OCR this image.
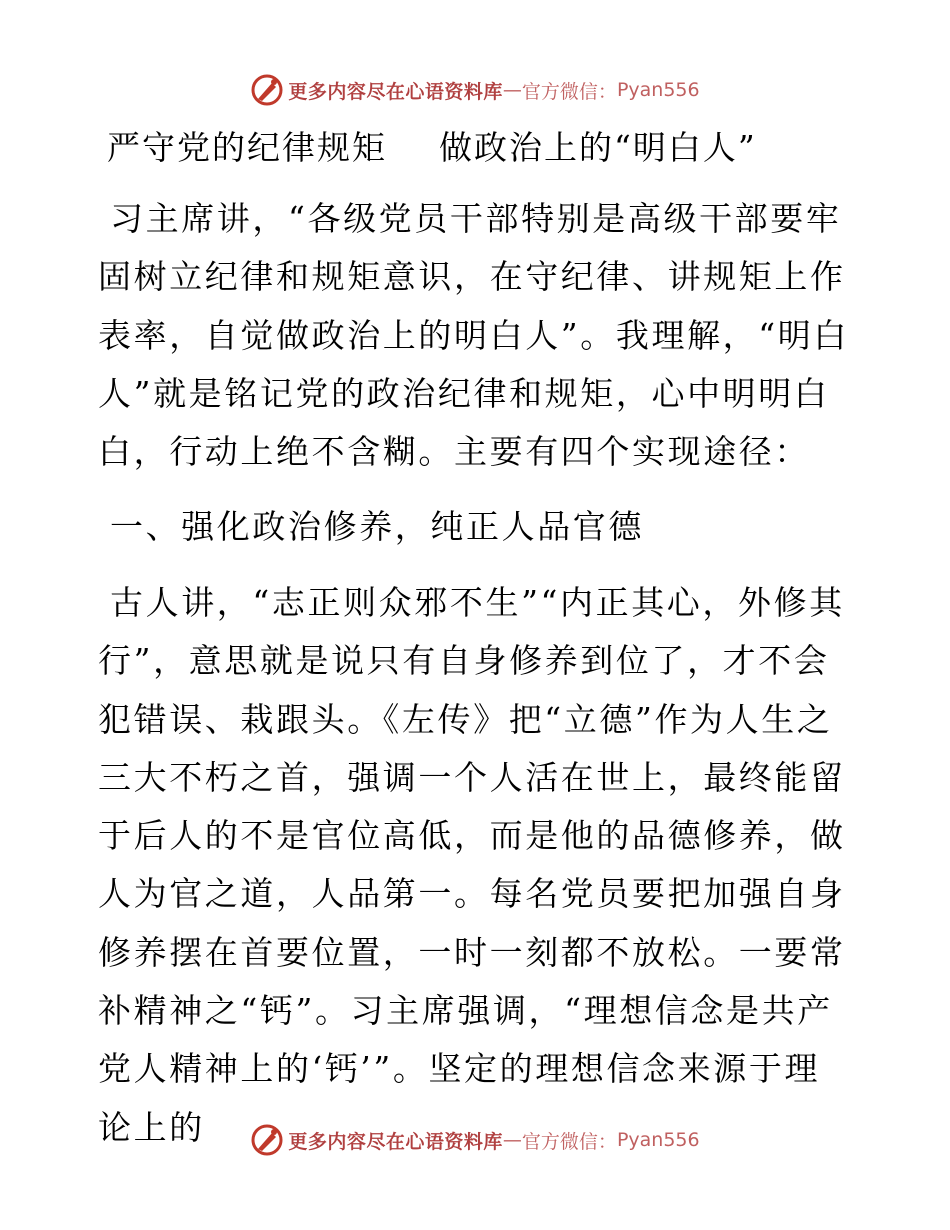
更多内容尽在心语资料库 — 官方微信： Pyan556
严守党的纪律规矩 做政治上的“明白人”

习主席讲，“各级党员干部特别是高级干部要牢固树立纪律和规矩意识，在守纪律、讲规矩上作表率，自觉做政治上的明白人”。我理解，“明白人”就是铭记党的政治纪律和规矩，心中明明白白，行动上绝不含糊。主要有四个实现途径：

一、强化政治修养，纯正人品官德

古人讲，“志正则众邪不生”“内正其心，外修其行”，意思就是说只有自身修养到位了，才不会犯错误、栽跟头。《左传》把“立德”作为人生之三大不朽之首，强调一个人活在世上，最终能留于后人的不是官位高低，而是他的品德修养，做人为官之道，人品第一。每名党员要把加强自身修养摆在首要位置，一时一刻都不放松。一要常补精神之“钙”。习主席强调，“理想信念是共产党人精神上的‘钙’”。坚定的理想信念来源于理论上的	更多内容尽在心语资料库 — 官方微信： Pyan556
